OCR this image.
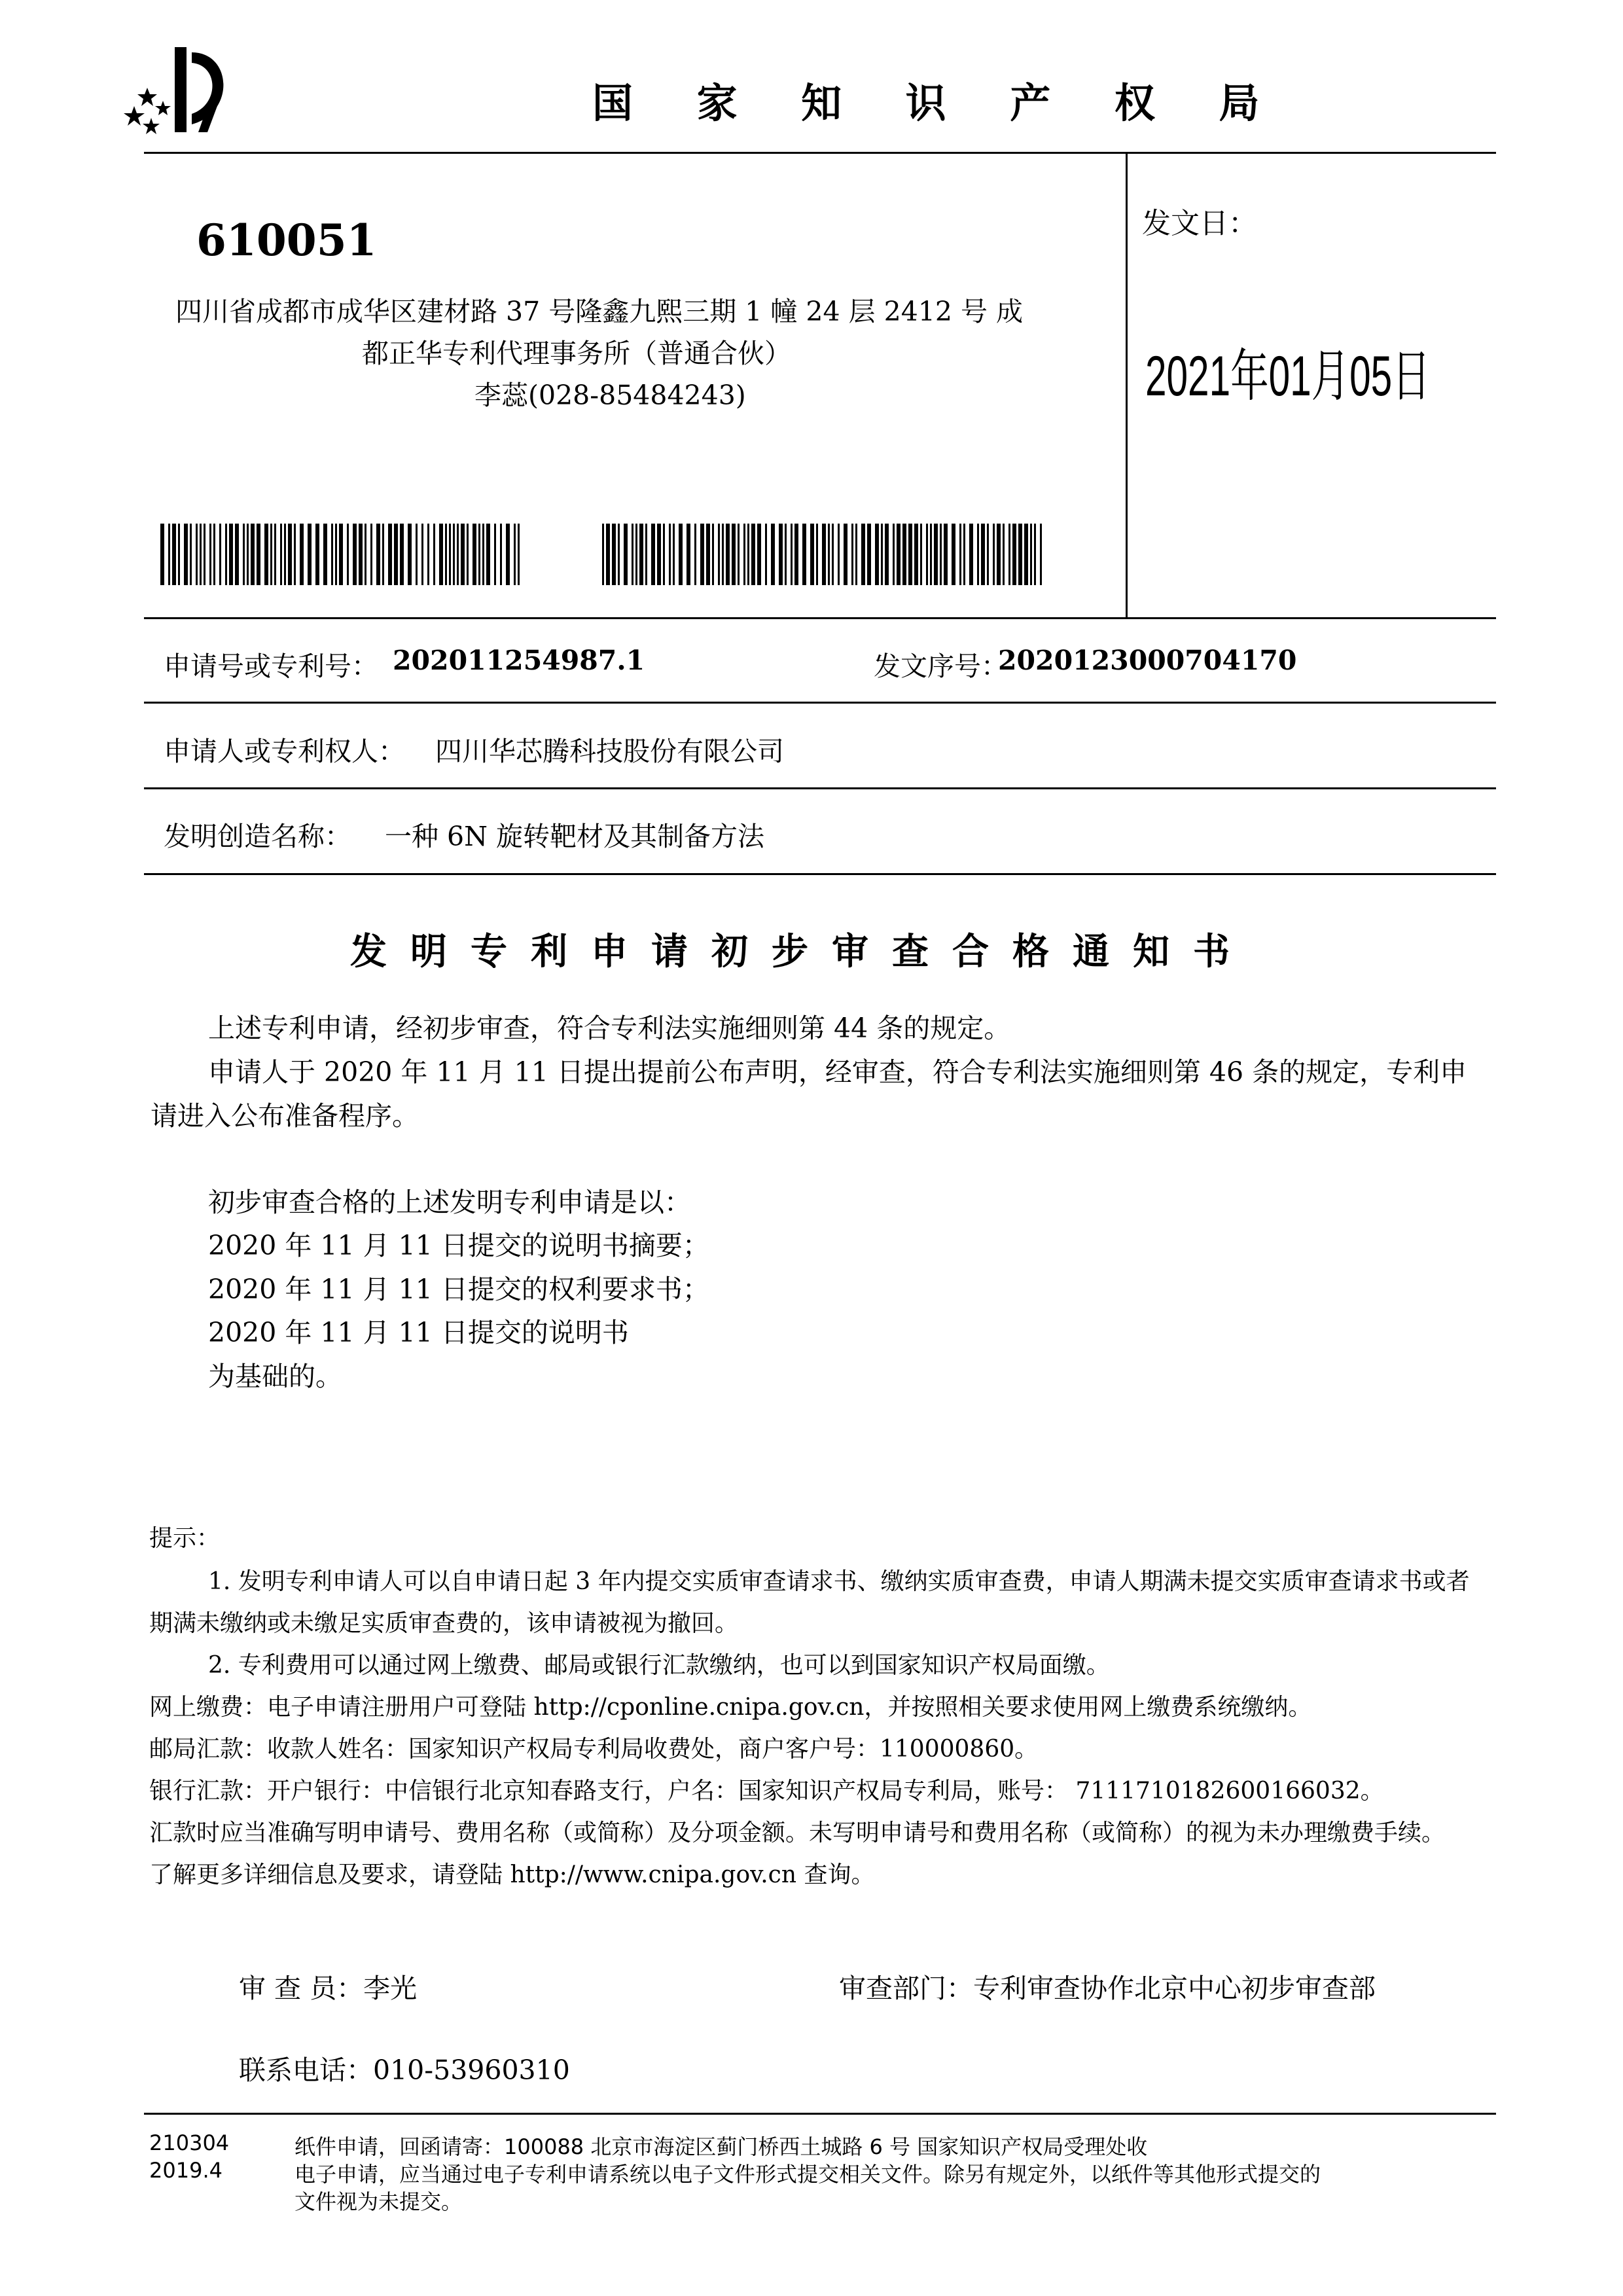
国 家 知 识 产 权 局
610051
四川省成都市成华区建材路 37 号隆鑫九熙三期 1 幢 24 层 2412 号 成
都正华专利代理事务所（普通合伙）
李蕊(028-85484243)
发文日：
2021年01月05日
申请号或专利号： 202011254987.1	发文序号：
2020123000704170
申请人或专利权人： 四川华芯腾科技股份有限公司
发明创造名称： 一种 6N 旋转靶材及其制备方法
发明专利申请初步审查合格通知书
上述专利申请，经初步审查，符合专利法实施细则第 44 条的规定。
申请人于 2020 年 11 月 11 日提出提前公布声明，经审查，符合专利法实施细则第 46 条的规定，专利申
请进入公布准备程序。
初步审查合格的上述发明专利申请是以：
2020 年 11 月 11 日提交的说明书摘要；
2020 年 11 月 11 日提交的权利要求书；
2020 年 11 月 11 日提交的说明书
为基础的。
提示：
1. 发明专利申请人可以自申请日起 3 年内提交实质审查请求书、缴纳实质审查费，申请人期满未提交实质审查请求书或者
期满未缴纳或未缴足实质审查费的，该申请被视为撤回。
2. 专利费用可以通过网上缴费、邮局或银行汇款缴纳，也可以到国家知识产权局面缴。
网上缴费：电子申请注册用户可登陆 http://cponline.cnipa.gov.cn，并按照相关要求使用网上缴费系统缴纳。
邮局汇款：收款人姓名：国家知识产权局专利局收费处，商户客户号：110000860。
银行汇款：开户银行：中信银行北京知春路支行，户名：国家知识产权局专利局，账号： 7111710182600166032。
汇款时应当准确写明申请号、费用名称（或简称）及分项金额。未写明申请号和费用名称（或简称）的视为未办理缴费手续。
了解更多详细信息及要求，请登陆 http://www.cnipa.gov.cn 查询。
审 查 员：李光	审查部门：专利审查协作北京中心初步审查部
联系电话：010-53960310
210304
2019.4
纸件申请，回函请寄：100088 北京市海淀区蓟门桥西土城路 6 号 国家知识产权局受理处收
电子申请，应当通过电子专利申请系统以电子文件形式提交相关文件。除另有规定外，以纸件等其他形式提交的
文件视为未提交。
